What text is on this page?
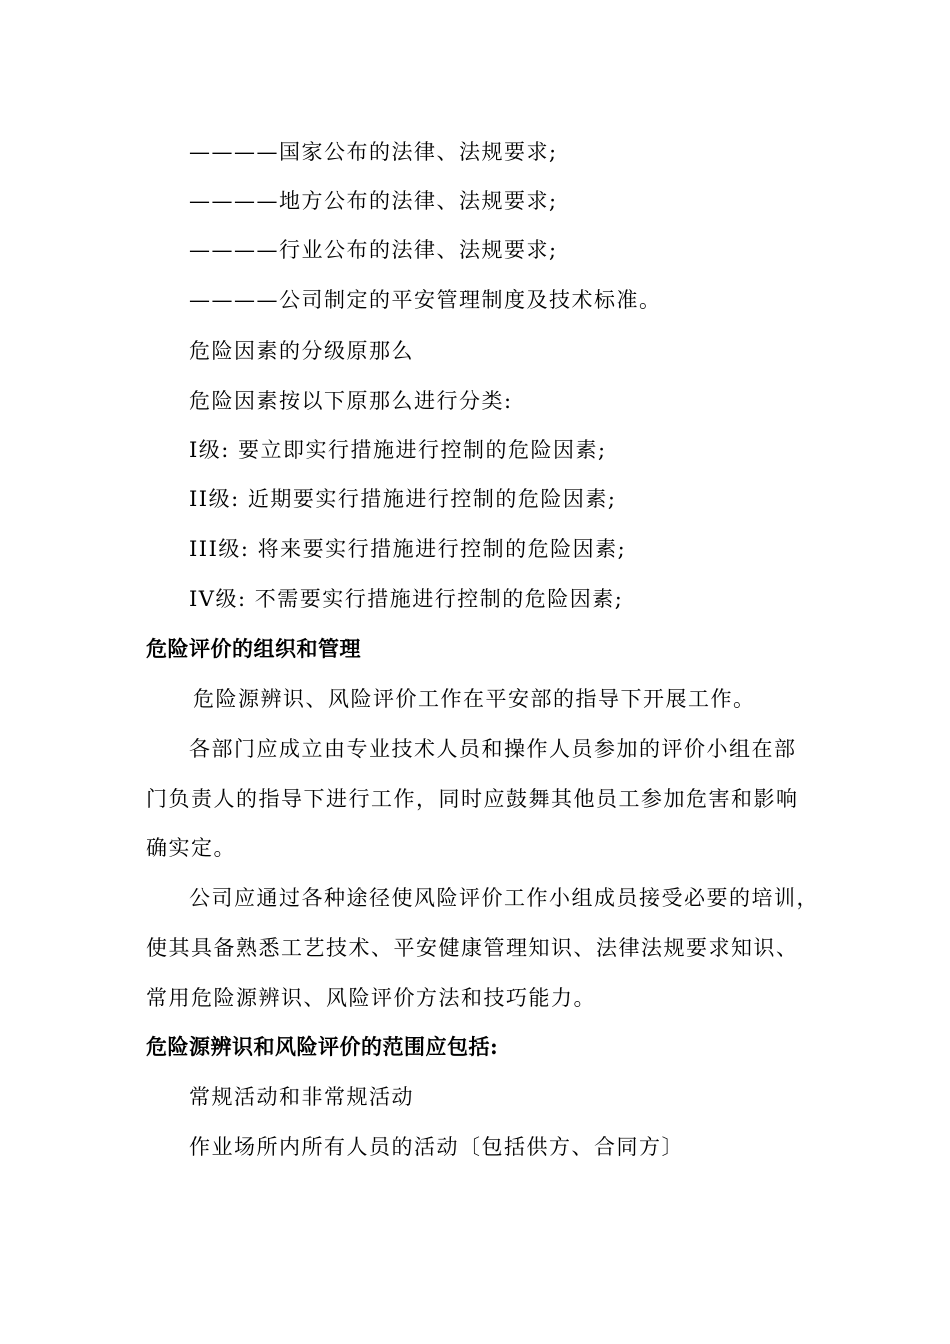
————国家公布的法律、法规要求;
————地方公布的法律、法规要求;
————行业公布的法律、法规要求;
————公司制定的平安管理制度及技术标准。
危险因素的分级原那么
危险因素按以下原那么进行分类:
I级: 要立即实行措施进行控制的危险因素;
II级: 近期要实行措施进行控制的危险因素;
III级: 将来要实行措施进行控制的危险因素;
IV级: 不需要实行措施进行控制的危险因素;
危险评价的组织和管理
危险源辨识、风险评价工作在平安部的指导下开展工作。
各部门应成立由专业技术人员和操作人员参加的评价小组在部
门负责人的指导下进行工作，同时应鼓舞其他员工参加危害和影响
确实定。
公司应通过各种途径使风险评价工作小组成员接受必要的培训，
使其具备熟悉工艺技术、平安健康管理知识、法律法规要求知识、
常用危险源辨识、风险评价方法和技巧能力。
危险源辨识和风险评价的范围应包括:
常规活动和非常规活动
作业场所内所有人员的活动〔包括供方、合同方〕
